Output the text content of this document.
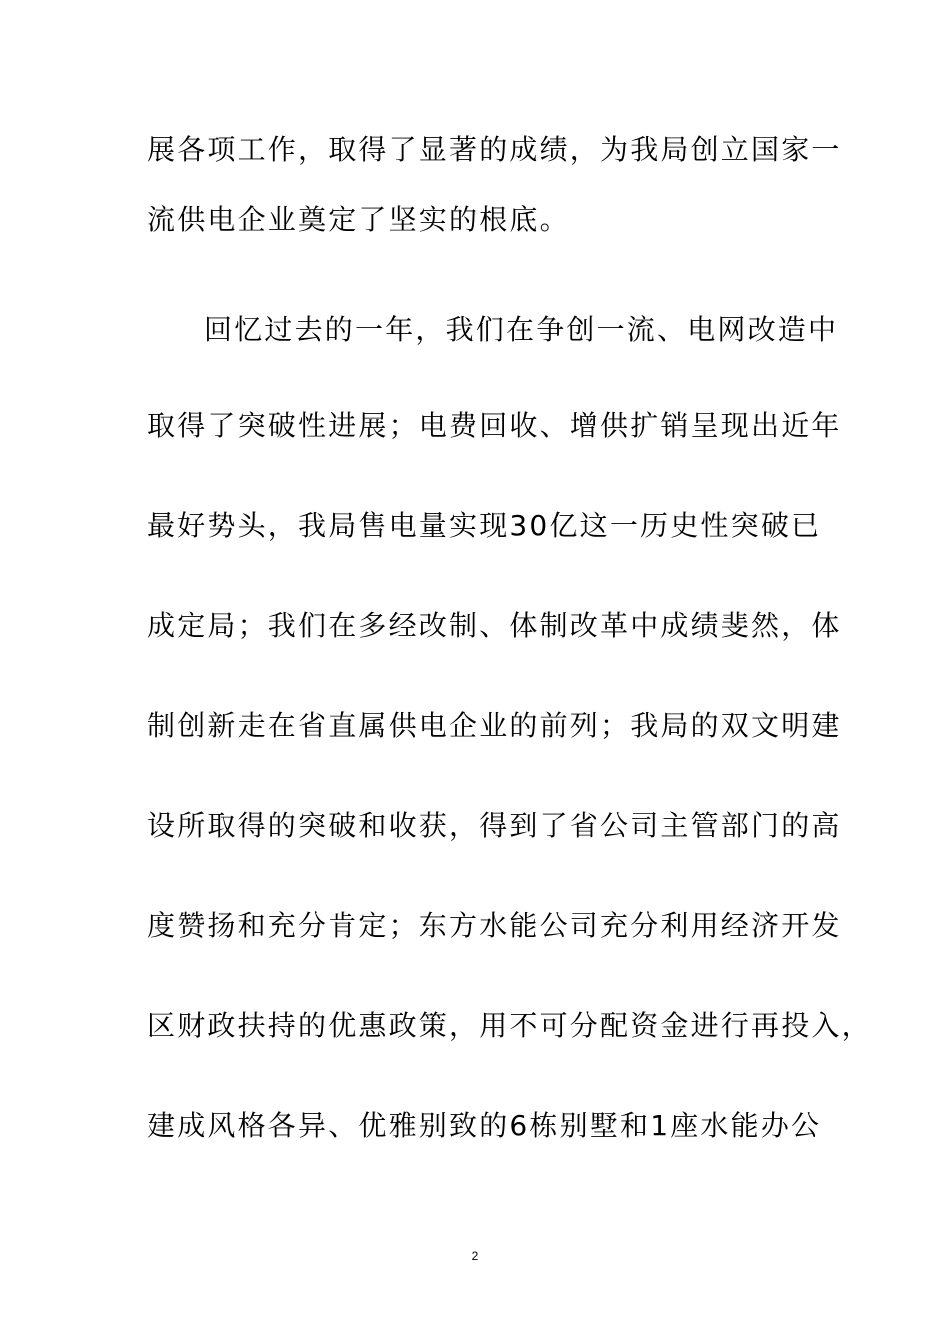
展各项工作，取得了显著的成绩，为我局创立国家一
流供电企业奠定了坚实的根底。
回忆过去的一年，我们在争创一流、电网改造中
取得了突破性进展；电费回收、增供扩销呈现出近年
最好势头，我局售电量实现30亿这一历史性突破已
成定局；我们在多经改制、体制改革中成绩斐然，体
制创新走在省直属供电企业的前列；我局的双文明建
设所取得的突破和收获，得到了省公司主管部门的高
度赞扬和充分肯定；东方水能公司充分利用经济开发
区财政扶持的优惠政策，用不可分配资金进行再投入，
建成风格各异、优雅别致的6栋别墅和1座水能办公
2
